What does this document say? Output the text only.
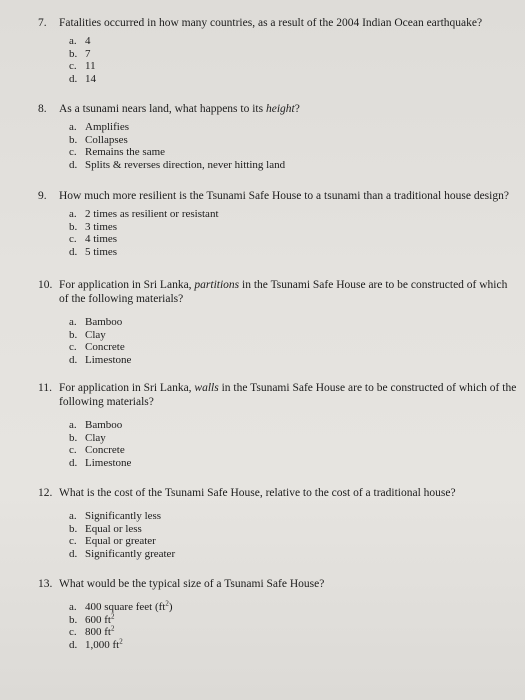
7.	Fatalities occurred in how many countries, as a result of the 2004 Indian Ocean earthquake?
a. 4
b. 7
c. 11
d. 14
8.	As a tsunami nears land, what happens to its height?
a. Amplifies
b. Collapses
c. Remains the same
d. Splits & reverses direction, never hitting land
9.	How much more resilient is the Tsunami Safe House to a tsunami than a traditional house design?
a. 2 times as resilient or resistant
b. 3 times
c. 4 times
d. 5 times
10. For application in Sri Lanka, partitions in the Tsunami Safe House are to be constructed of which of the following materials?
a. Bamboo
b. Clay
c. Concrete
d. Limestone
11. For application in Sri Lanka, walls in the Tsunami Safe House are to be constructed of which of the following materials?
a. Bamboo
b. Clay
c. Concrete
d. Limestone
12. What is the cost of the Tsunami Safe House, relative to the cost of a traditional house?
a. Significantly less
b. Equal or less
c. Equal or greater
d. Significantly greater
13. What would be the typical size of a Tsunami Safe House?
a. 400 square feet $(ft^2)$
b. 600 $ft^2$
c. 800 $ft^2$
d. 1,000 $ft^2$
